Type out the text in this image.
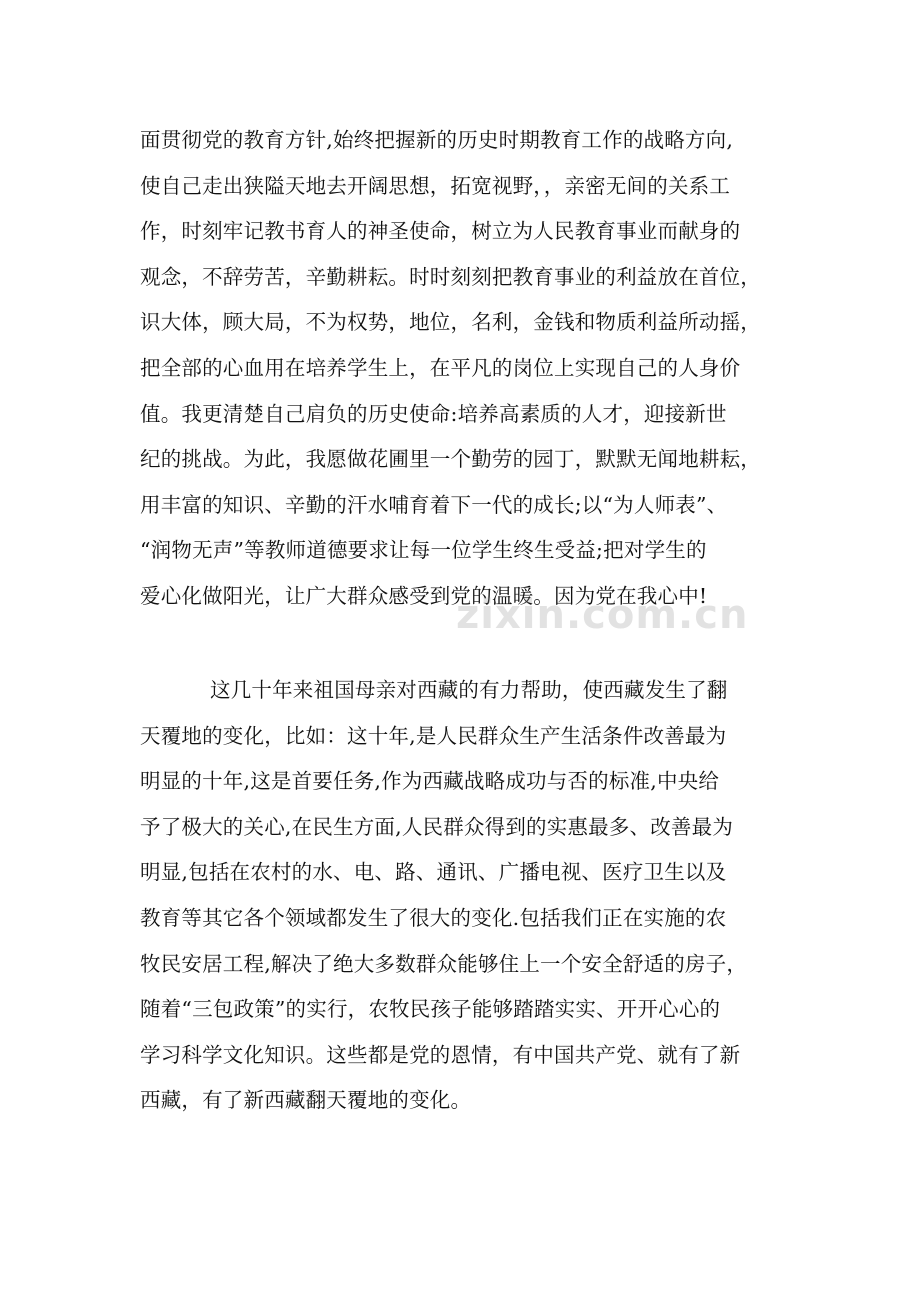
面贯彻党的教育方针,始终把握新的历史时期教育工作的战略方向,
使自己走出狭隘天地去开阔思想，拓宽视野，，亲密无间的关系工
作，时刻牢记教书育人的神圣使命，树立为人民教育事业而献身的
观念，不辞劳苦，辛勤耕耘。时时刻刻把教育事业的利益放在首位，
识大体，顾大局，不为权势，地位，名利，金钱和物质利益所动摇，
把全部的心血用在培养学生上，在平凡的岗位上实现自己的人身价
值。我更清楚自己肩负的历史使命:培养高素质的人才，迎接新世
纪的挑战。为此，我愿做花圃里一个勤劳的园丁，默默无闻地耕耘，
用丰富的知识、辛勤的汗水哺育着下一代的成长;以“为人师表”、
“润物无声”等教师道德要求让每一位学生终生受益;把对学生的
爱心化做阳光，让广大群众感受到党的温暖。因为党在我心中!
这几十年来祖国母亲对西藏的有力帮助，使西藏发生了翻
天覆地的变化，比如：这十年,是人民群众生产生活条件改善最为
明显的十年,这是首要任务,作为西藏战略成功与否的标准,中央给
予了极大的关心,在民生方面,人民群众得到的实惠最多、改善最为
明显,包括在农村的水、电、路、通讯、广播电视、医疗卫生以及
教育等其它各个领域都发生了很大的变化.包括我们正在实施的农
牧民安居工程,解决了绝大多数群众能够住上一个安全舒适的房子，
随着“三包政策”的实行，农牧民孩子能够踏踏实实、开开心心的
学习科学文化知识。这些都是党的恩情，有中国共产党、就有了新
西藏，有了新西藏翻天覆地的变化。
zixin.com.cn
